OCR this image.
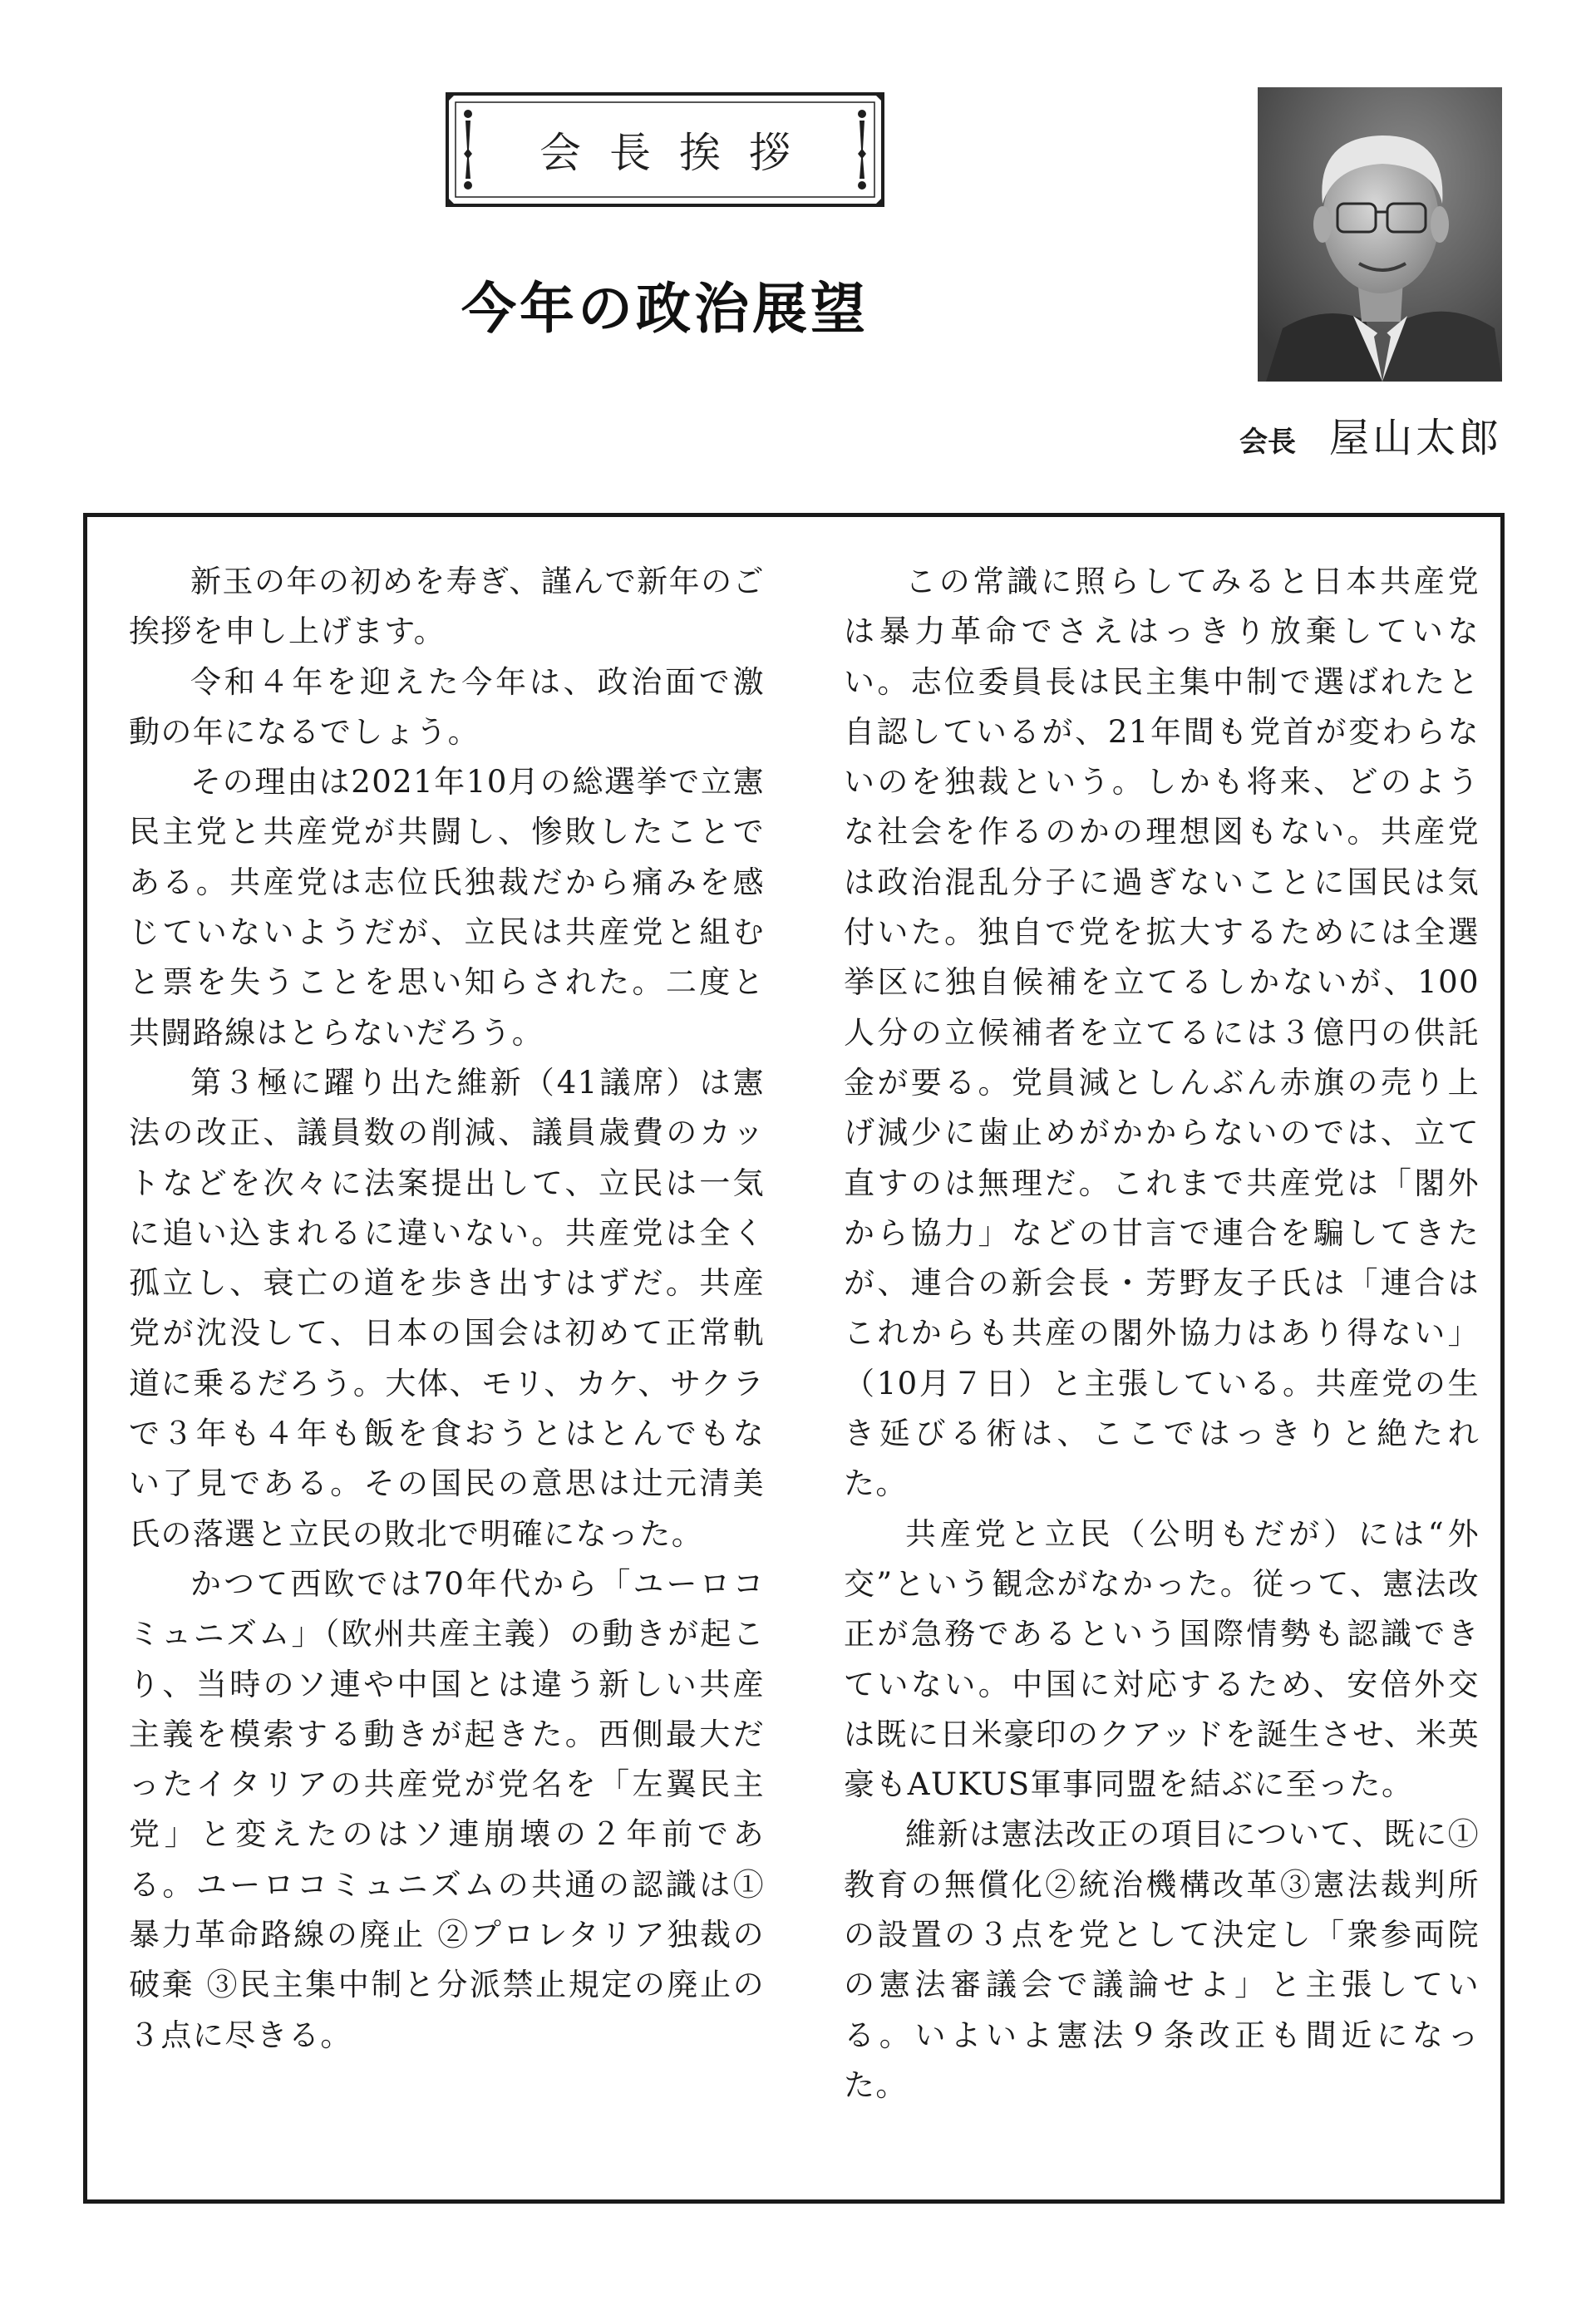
会長挨拶
今年の政治展望
会長 屋山太郎

新玉の年の初めを寿ぎ、謹んで新年のご挨拶を申し上げます。

令和４年を迎えた今年は、政治面で激動の年になるでしょう。

その理由は2021年10月の総選挙で立憲民主党と共産党が共闘し、惨敗したことである。共産党は志位氏独裁だから痛みを感じていないようだが、立民は共産党と組むと票を失うことを思い知らされた。二度と共闘路線はとらないだろう。

第３極に躍り出た維新（41議席）は憲法の改正、議員数の削減、議員歳費のカットなどを次々に法案提出して、立民は一気に追い込まれるに違いない。共産党は全く孤立し、衰亡の道を歩き出すはずだ。共産党が沈没して、日本の国会は初めて正常軌道に乗るだろう。大体、モリ、カケ、サクラで３年も４年も飯を食おうとはとんでもない了見である。その国民の意思は辻元清美氏の落選と立民の敗北で明確になった。

かつて西欧では70年代から「ユーロコミュニズム」（欧州共産主義）の動きが起こり、当時のソ連や中国とは違う新しい共産主義を模索する動きが起きた。西側最大だったイタリアの共産党が党名を「左翼民主党」と変えたのはソ連崩壊の２年前である。ユーロコミュニズムの共通の認識は①暴力革命路線の廃止 ②プロレタリア独裁の破棄 ③民主集中制と分派禁止規定の廃止の３点に尽きる。

この常識に照らしてみると日本共産党は暴力革命でさえはっきり放棄していない。志位委員長は民主集中制で選ばれたと自認しているが、21年間も党首が変わらないのを独裁という。しかも将来、どのような社会を作るのかの理想図もない。共産党は政治混乱分子に過ぎないことに国民は気付いた。独自で党を拡大するためには全選挙区に独自候補を立てるしかないが、100人分の立候補者を立てるには３億円の供託金が要る。党員減としんぶん赤旗の売り上げ減少に歯止めがかからないのでは、立て直すのは無理だ。これまで共産党は「閣外から協力」などの甘言で連合を騙してきたが、連合の新会長・芳野友子氏は「連合はこれからも共産の閣外協力はあり得ない」（10月７日）と主張している。共産党の生き延びる術は、ここではっきりと絶たれた。

共産党と立民（公明もだが）には“外交”という観念がなかった。従って、憲法改正が急務であるという国際情勢も認識できていない。中国に対応するため、安倍外交は既に日米豪印のクアッドを誕生させ、米英豪もAUKUS軍事同盟を結ぶに至った。

維新は憲法改正の項目について、既に①教育の無償化②統治機構改革③憲法裁判所の設置の３点を党として決定し「衆参両院の憲法審議会で議論せよ」と主張している。いよいよ憲法９条改正も間近になった。
